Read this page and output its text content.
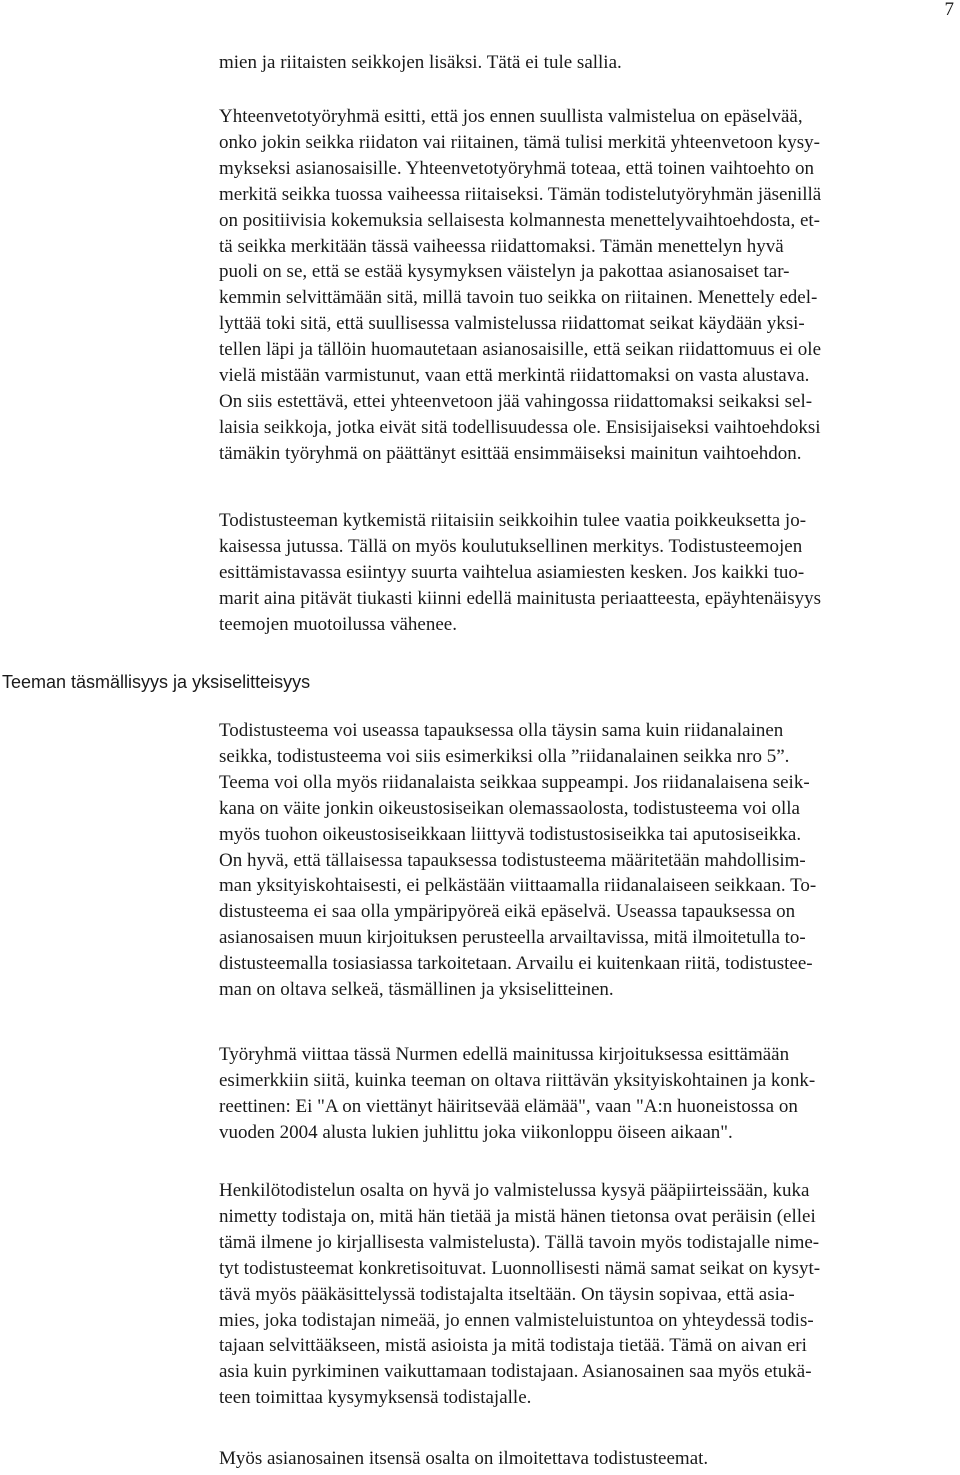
7
Teeman täsmällisyys ja yksiselitteisyys
mien ja riitaisten seikkojen lisäksi. Tätä ei tule sallia.
Yhteenvetotyöryhmä esitti, että jos ennen suullista valmistelua on epäselvää,
onko jokin seikka riidaton vai riitainen, tämä tulisi merkitä yhteenvetoon kysy-
mykseksi asianosaisille. Yhteenvetotyöryhmä toteaa, että toinen vaihtoehto on
merkitä seikka tuossa vaiheessa riitaiseksi. Tämän todistelutyöryhmän jäsenillä
on positiivisia kokemuksia sellaisesta kolmannesta menettelyvaihtoehdosta, et-
tä seikka merkitään tässä vaiheessa riidattomaksi. Tämän menettelyn hyvä
puoli on se, että se estää kysymyksen väistelyn ja pakottaa asianosaiset tar-
kemmin selvittämään sitä, millä tavoin tuo seikka on riitainen. Menettely edel-
lyttää toki sitä, että suullisessa valmistelussa riidattomat seikat käydään yksi-
tellen läpi ja tällöin huomautetaan asianosaisille, että seikan riidattomuus ei ole
vielä mistään varmistunut, vaan että merkintä riidattomaksi on vasta alustava.
On siis estettävä, ettei yhteenvetoon jää vahingossa riidattomaksi seikaksi sel-
laisia seikkoja, jotka eivät sitä todellisuudessa ole. Ensisijaiseksi vaihtoehdoksi
tämäkin työryhmä on päättänyt esittää ensimmäiseksi mainitun vaihtoehdon.
Todistusteeman kytkemistä riitaisiin seikkoihin tulee vaatia poikkeuksetta jo-
kaisessa jutussa. Tällä on myös koulutuksellinen merkitys. Todistusteemojen
esittämistavassa esiintyy suurta vaihtelua asiamiesten kesken. Jos kaikki tuo-
marit aina pitävät tiukasti kiinni edellä mainitusta periaatteesta, epäyhtenäisyys
teemojen muotoilussa vähenee.
Todistusteema voi useassa tapauksessa olla täysin sama kuin riidanalainen
seikka, todistusteema voi siis esimerkiksi olla ”riidanalainen seikka nro 5”.
Teema voi olla myös riidanalaista seikkaa suppeampi. Jos riidanalaisena seik-
kana on väite jonkin oikeustosiseikan olemassaolosta, todistusteema voi olla
myös tuohon oikeustosiseikkaan liittyvä todistustosiseikka tai aputosiseikka.
On hyvä, että tällaisessa tapauksessa todistusteema määritetään mahdollisim-
man yksityiskohtaisesti, ei pelkästään viittaamalla riidanalaiseen seikkaan. To-
distusteema ei saa olla ympäripyöreä eikä epäselvä. Useassa tapauksessa on
asianosaisen muun kirjoituksen perusteella arvailtavissa, mitä ilmoitetulla to-
distusteemalla tosiasiassa tarkoitetaan. Arvailu ei kuitenkaan riitä, todistustee-
man on oltava selkeä, täsmällinen ja yksiselitteinen.
Työryhmä viittaa tässä Nurmen edellä mainitussa kirjoituksessa esittämään
esimerkkiin siitä, kuinka teeman on oltava riittävän yksityiskohtainen ja konk-
reettinen: Ei "A on viettänyt häiritsevää elämää", vaan "A:n huoneistossa on
vuoden 2004 alusta lukien juhlittu joka viikonloppu öiseen aikaan".
Henkilötodistelun osalta on hyvä jo valmistelussa kysyä pääpiirteissään, kuka
nimetty todistaja on, mitä hän tietää ja mistä hänen tietonsa ovat peräisin (ellei
tämä ilmene jo kirjallisesta valmistelusta). Tällä tavoin myös todistajalle nime-
tyt todistusteemat konkretisoituvat. Luonnollisesti nämä samat seikat on kysyt-
tävä myös pääkäsittelyssä todistajalta itseltään. On täysin sopivaa, että asia-
mies, joka todistajan nimeää, jo ennen valmisteluistuntoa on yhteydessä todis-
tajaan selvittääkseen, mistä asioista ja mitä todistaja tietää. Tämä on aivan eri
asia kuin pyrkiminen vaikuttamaan todistajaan. Asianosainen saa myös etukä-
teen toimittaa kysymyksensä todistajalle.
Myös asianosainen itsensä osalta on ilmoitettava todistusteemat.
